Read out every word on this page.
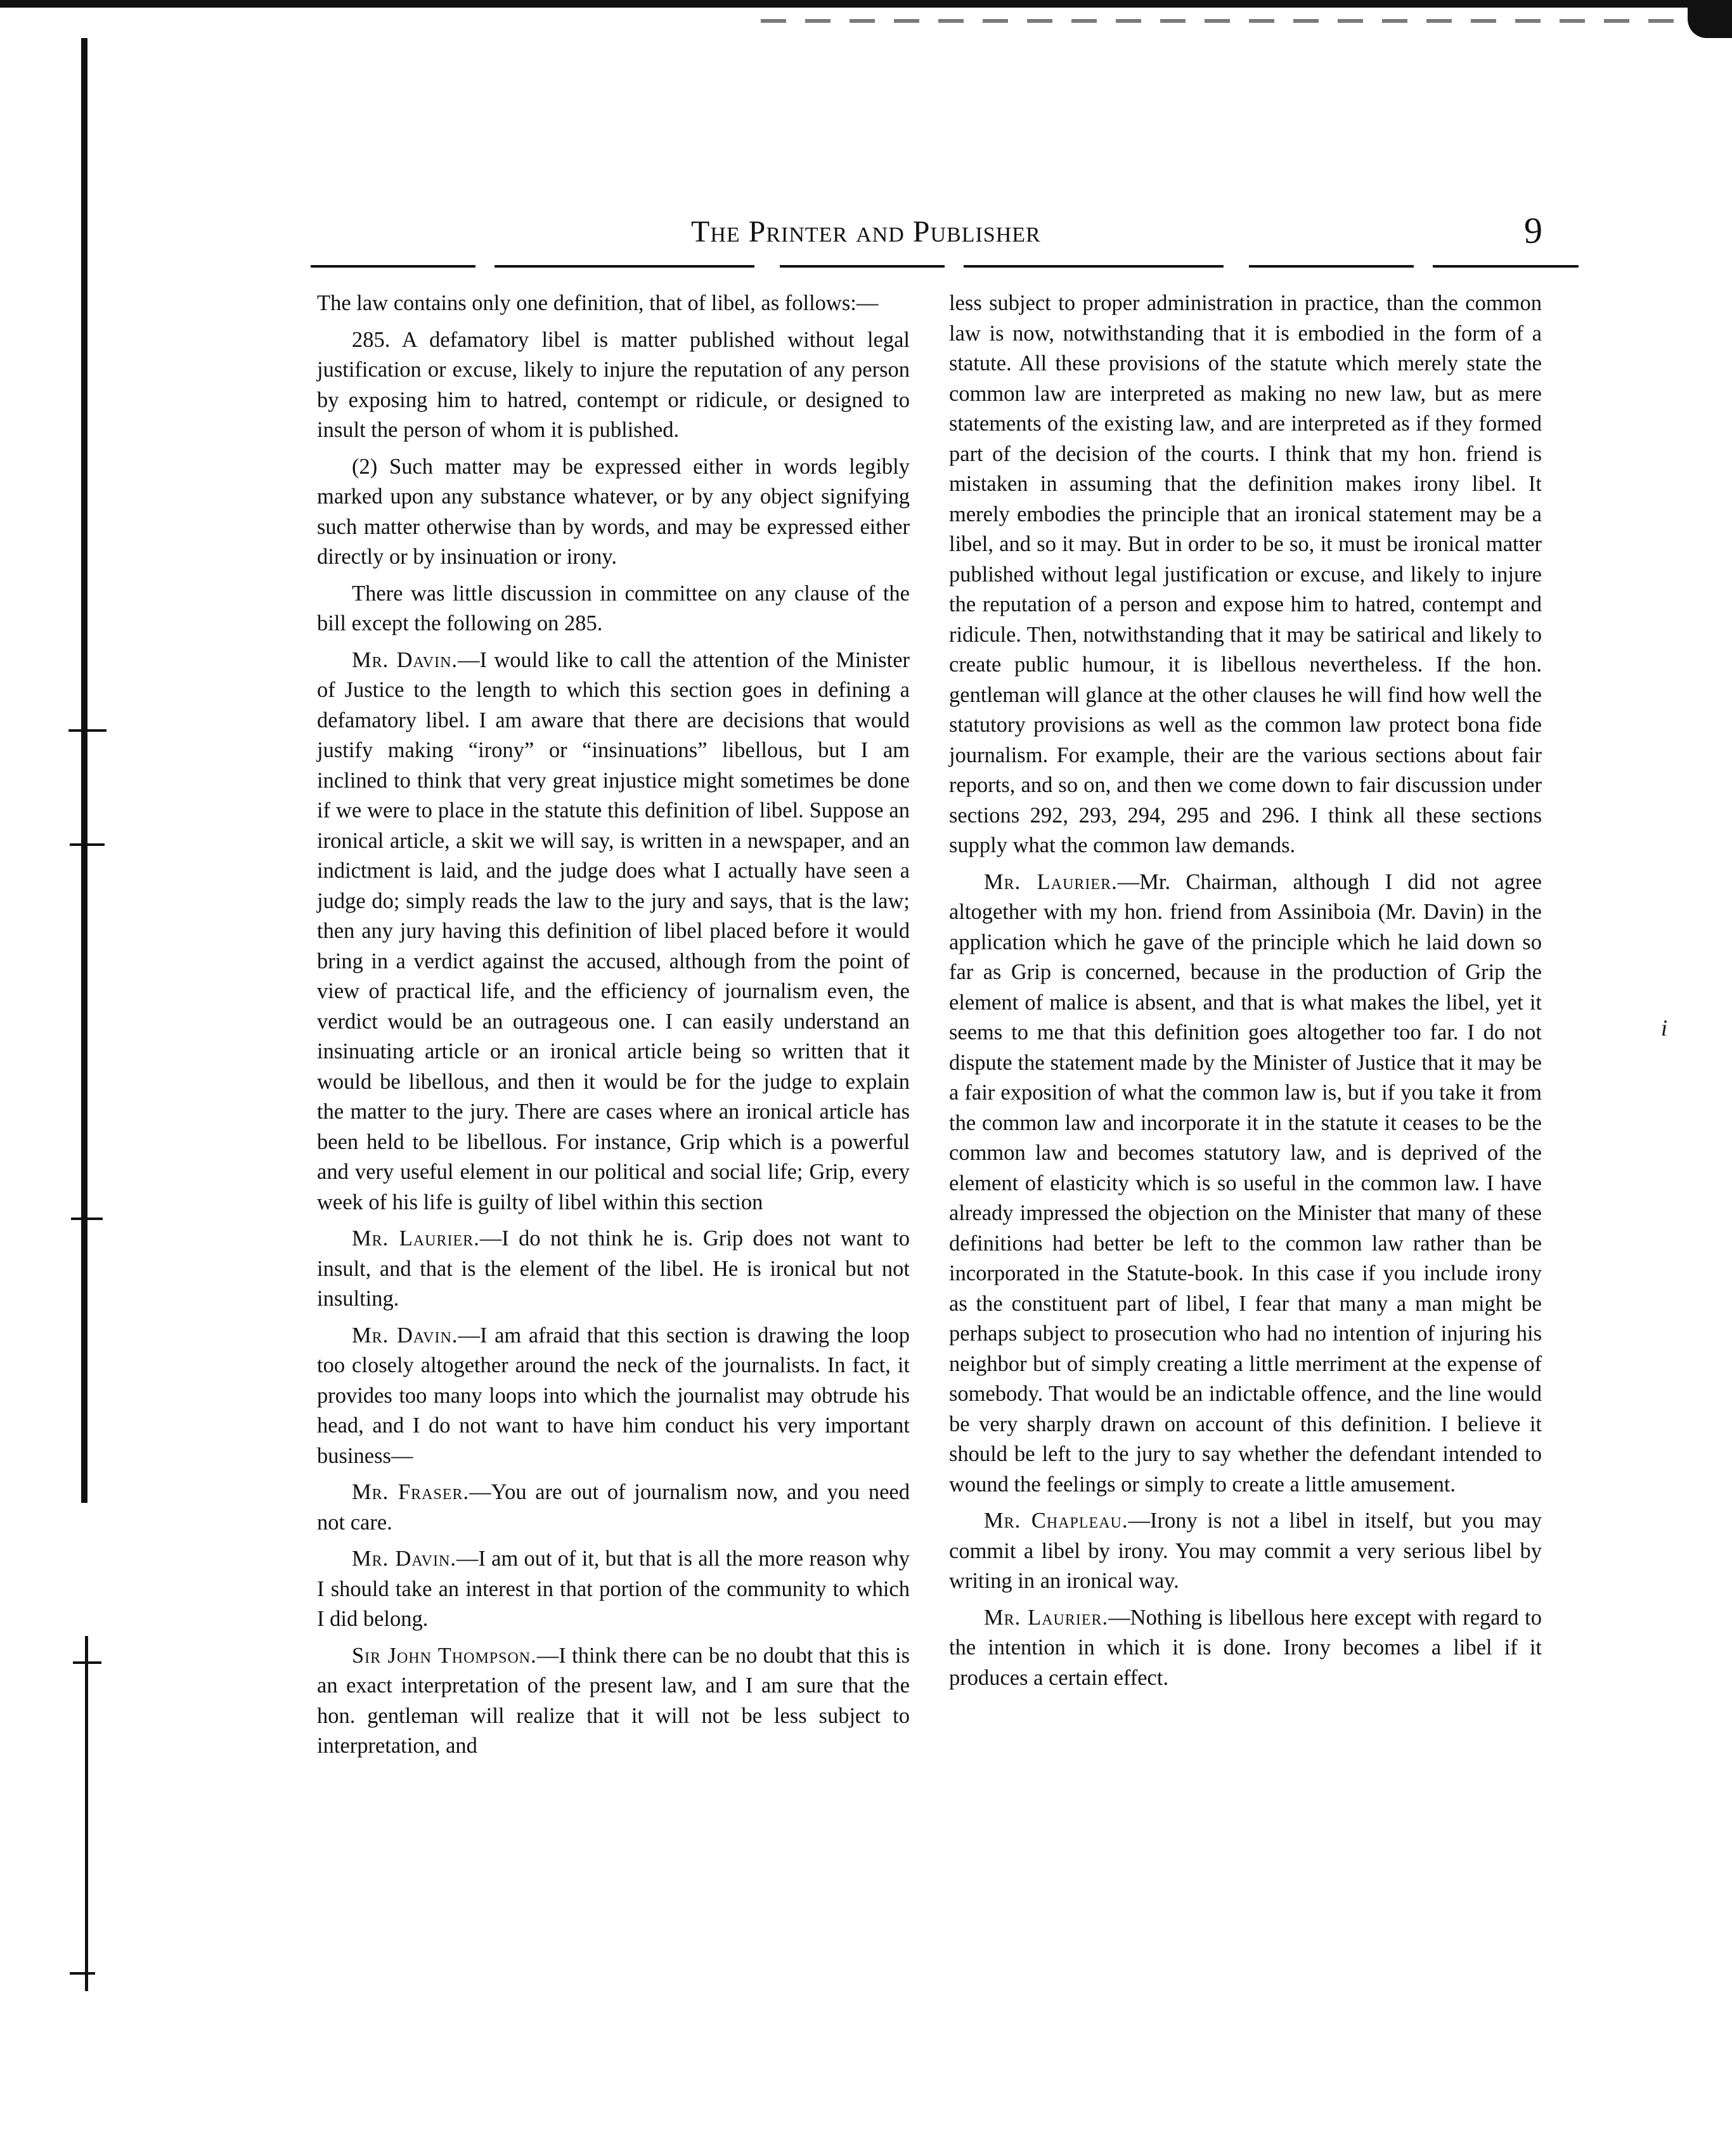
The Printer and Publisher	9

The law contains only one definition, that of libel, as follows:—

285. A defamatory libel is matter published without legal justification or excuse, likely to injure the reputation of any person by exposing him to hatred, contempt or ridicule, or designed to insult the person of whom it is published.

(2) Such matter may be expressed either in words legibly marked upon any substance whatever, or by any object signifying such matter otherwise than by words, and may be expressed either directly or by insinuation or irony.

There was little discussion in committee on any clause of the bill except the following on 285.

Mr. Davin.—I would like to call the attention of the Minister of Justice to the length to which this section goes in defining a defamatory libel. I am aware that there are decisions that would justify making “irony” or “insinuations” libellous, but I am inclined to think that very great injustice might sometimes be done if we were to place in the statute this definition of libel. Suppose an ironical article, a skit we will say, is written in a newspaper, and an indictment is laid, and the judge does what I actually have seen a judge do; simply reads the law to the jury and says, that is the law; then any jury having this definition of libel placed before it would bring in a verdict against the accused, although from the point of view of practical life, and the efficiency of journalism even, the verdict would be an outrageous one. I can easily understand an insinuating article or an ironical article being so written that it would be libellous, and then it would be for the judge to explain the matter to the jury. There are cases where an ironical article has been held to be libellous. For instance, Grip which is a powerful and very useful element in our political and social life; Grip, every week of his life is guilty of libel within this section

Mr. Laurier.—I do not think he is. Grip does not want to insult, and that is the element of the libel. He is ironical but not insulting.

Mr. Davin.—I am afraid that this section is drawing the loop too closely altogether around the neck of the journalists. In fact, it provides too many loops into which the journalist may obtrude his head, and I do not want to have him conduct his very important business—

Mr. Fraser.—You are out of journalism now, and you need not care.

Mr. Davin.—I am out of it, but that is all the more reason why I should take an interest in that portion of the community to which I did belong.

Sir John Thompson.—I think there can be no doubt that this is an exact interpretation of the present law, and I am sure that the hon. gentleman will realize that it will not be less subject to interpretation, and

less subject to proper administration in practice, than the common law is now, notwithstanding that it is embodied in the form of a statute. All these provisions of the statute which merely state the common law are interpreted as making no new law, but as mere statements of the existing law, and are interpreted as if they formed part of the decision of the courts. I think that my hon. friend is mistaken in assuming that the definition makes irony libel. It merely embodies the principle that an ironical statement may be a libel, and so it may. But in order to be so, it must be ironical matter published without legal justification or excuse, and likely to injure the reputation of a person and expose him to hatred, contempt and ridicule. Then, notwithstanding that it may be satirical and likely to create public humour, it is libellous nevertheless. If the hon. gentleman will glance at the other clauses he will find how well the statutory provisions as well as the common law protect bona fide journalism. For example, their are the various sections about fair reports, and so on, and then we come down to fair discussion under sections 292, 293, 294, 295 and 296. I think all these sections supply what the common law demands.

Mr. Laurier.—Mr. Chairman, although I did not agree altogether with my hon. friend from Assiniboia (Mr. Davin) in the application which he gave of the principle which he laid down so far as Grip is concerned, because in the production of Grip the element of malice is absent, and that is what makes the libel, yet it seems to me that this definition goes altogether too far. I do not dispute the statement made by the Minister of Justice that it may be a fair exposition of what the common law is, but if you take it from the common law and incorporate it in the statute it ceases to be the common law and becomes statutory law, and is deprived of the element of elasticity which is so useful in the common law. I have already impressed the objection on the Minister that many of these definitions had better be left to the common law rather than be incorporated in the Statute-book. In this case if you include irony as the constituent part of libel, I fear that many a man might be perhaps subject to prosecution who had no intention of injuring his neighbor but of simply creating a little merriment at the expense of somebody. That would be an indictable offence, and the line would be very sharply drawn on account of this definition. I believe it should be left to the jury to say whether the defendant intended to wound the feelings or simply to create a little amusement.

Mr. Chapleau.—Irony is not a libel in itself, but you may commit a libel by irony. You may commit a very serious libel by writing in an ironical way.

Mr. Laurier.—Nothing is libellous here except with regard to the intention in which it is done. Irony becomes a libel if it produces a certain effect.

i
